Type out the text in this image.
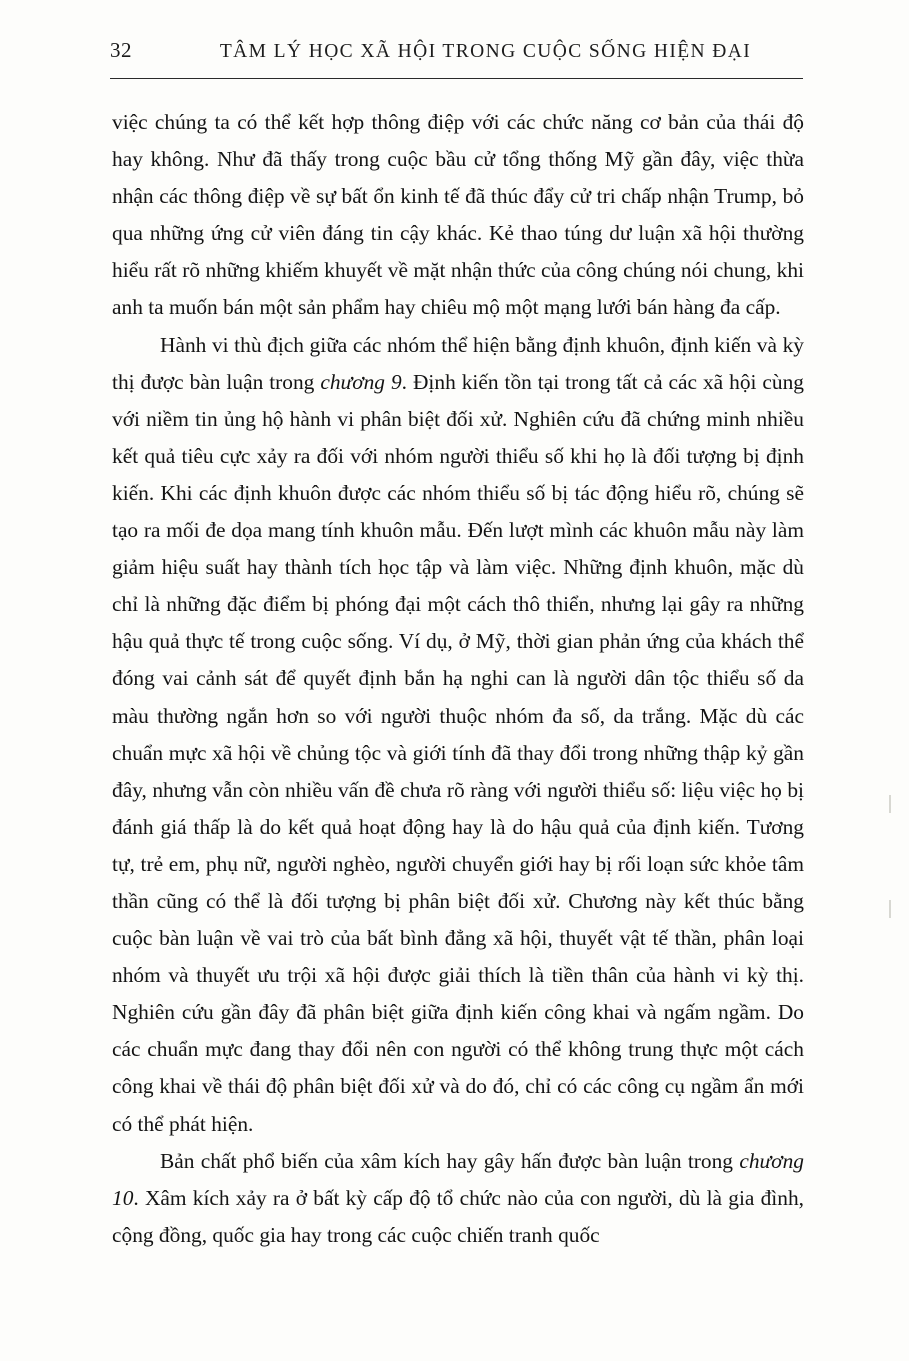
32	TÂM LÝ HỌC XÃ HỘI TRONG CUỘC SỐNG HIỆN ĐẠI

việc chúng ta có thể kết hợp thông điệp với các chức năng cơ bản của thái độ hay không. Như đã thấy trong cuộc bầu cử tổng thống Mỹ gần đây, việc thừa nhận các thông điệp về sự bất ổn kinh tế đã thúc đẩy cử tri chấp nhận Trump, bỏ qua những ứng cử viên đáng tin cậy khác. Kẻ thao túng dư luận xã hội thường hiểu rất rõ những khiếm khuyết về mặt nhận thức của công chúng nói chung, khi anh ta muốn bán một sản phẩm hay chiêu mộ một mạng lưới bán hàng đa cấp.

Hành vi thù địch giữa các nhóm thể hiện bằng định khuôn, định kiến và kỳ thị được bàn luận trong chương 9. Định kiến tồn tại trong tất cả các xã hội cùng với niềm tin ủng hộ hành vi phân biệt đối xử. Nghiên cứu đã chứng minh nhiều kết quả tiêu cực xảy ra đối với nhóm người thiểu số khi họ là đối tượng bị định kiến. Khi các định khuôn được các nhóm thiểu số bị tác động hiểu rõ, chúng sẽ tạo ra mối đe dọa mang tính khuôn mẫu. Đến lượt mình các khuôn mẫu này làm giảm hiệu suất hay thành tích học tập và làm việc. Những định khuôn, mặc dù chỉ là những đặc điểm bị phóng đại một cách thô thiển, nhưng lại gây ra những hậu quả thực tế trong cuộc sống. Ví dụ, ở Mỹ, thời gian phản ứng của khách thể đóng vai cảnh sát để quyết định bắn hạ nghi can là người dân tộc thiểu số da màu thường ngắn hơn so với người thuộc nhóm đa số, da trắng. Mặc dù các chuẩn mực xã hội về chủng tộc và giới tính đã thay đổi trong những thập kỷ gần đây, nhưng vẫn còn nhiều vấn đề chưa rõ ràng với người thiểu số: liệu việc họ bị đánh giá thấp là do kết quả hoạt động hay là do hậu quả của định kiến. Tương tự, trẻ em, phụ nữ, người nghèo, người chuyển giới hay bị rối loạn sức khỏe tâm thần cũng có thể là đối tượng bị phân biệt đối xử. Chương này kết thúc bằng cuộc bàn luận về vai trò của bất bình đẳng xã hội, thuyết vật tế thần, phân loại nhóm và thuyết ưu trội xã hội được giải thích là tiền thân của hành vi kỳ thị. Nghiên cứu gần đây đã phân biệt giữa định kiến công khai và ngấm ngầm. Do các chuẩn mực đang thay đổi nên con người có thể không trung thực một cách công khai về thái độ phân biệt đối xử và do đó, chỉ có các công cụ ngầm ẩn mới có thể phát hiện.

Bản chất phổ biến của xâm kích hay gây hấn được bàn luận trong chương 10. Xâm kích xảy ra ở bất kỳ cấp độ tổ chức nào của con người, dù là gia đình, cộng đồng, quốc gia hay trong các cuộc chiến tranh quốc
